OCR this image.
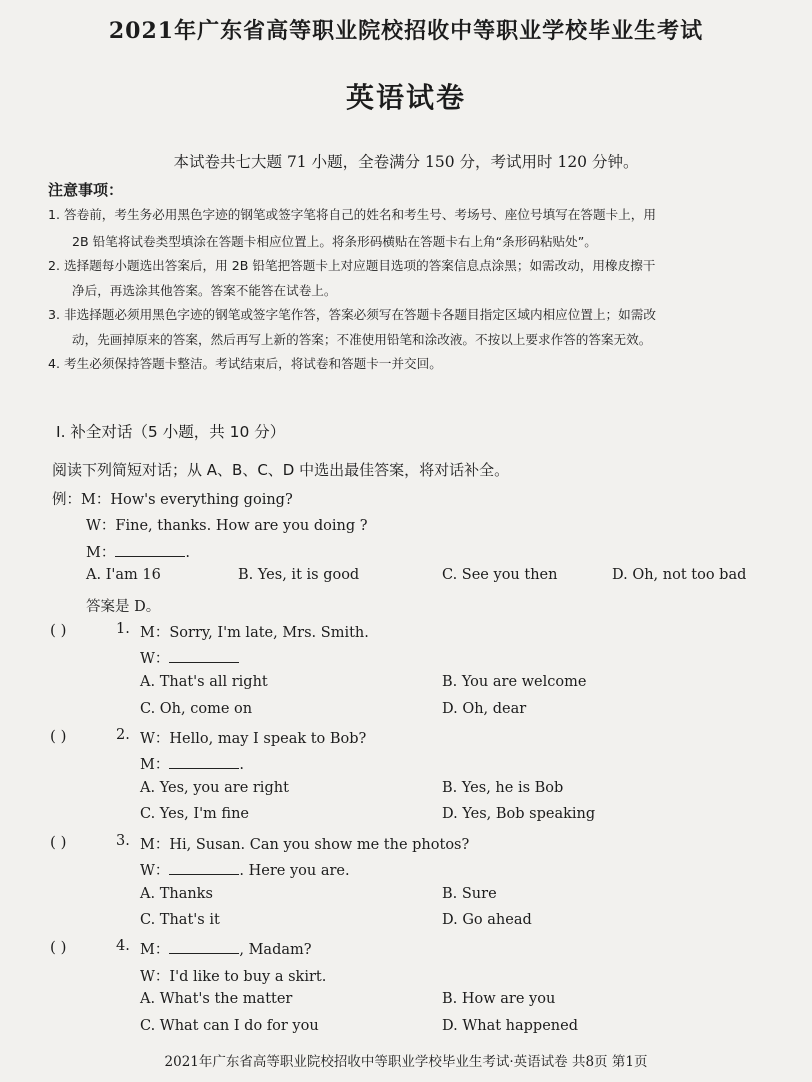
2021年广东省高等职业院校招收中等职业学校毕业生考试
英语试卷
本试卷共七大题 71 小题，全卷满分 150 分，考试用时 120 分钟。
注意事项：
1. 答卷前，考生务必用黑色字迹的钢笔或签字笔将自己的姓名和考生号、考场号、座位号填写在答题卡上，用
2B 铅笔将试卷类型填涂在答题卡相应位置上。将条形码横贴在答题卡右上角“条形码粘贴处”。
2. 选择题每小题选出答案后，用 2B 铅笔把答题卡上对应题目选项的答案信息点涂黑；如需改动，用橡皮擦干
净后，再选涂其他答案。答案不能答在试卷上。
3. 非选择题必须用黑色字迹的钢笔或签字笔作答，答案必须写在答题卡各题目指定区域内相应位置上；如需改
动，先画掉原来的答案，然后再写上新的答案；不准使用铅笔和涂改液。不按以上要求作答的答案无效。
4. 考生必须保持答题卡整洁。考试结束后，将试卷和答题卡一并交回。
I. 补全对话（5 小题，共 10 分）
阅读下列简短对话；从 A、B、C、D 中选出最佳答案，将对话补全。
例：M：How's everything going?
W：Fine, thanks. How are you doing ?
M：	.
A. I'am 16	B. Yes, it is good	C. See you then	D. Oh, not too bad
答案是 D。
( )	1. M：Sorry, I'm late, Mrs. Smith.
W：
A. That's all right	B. You are welcome
C. Oh, come on	D. Oh, dear
( )	2. W：Hello, may I speak to Bob?
M：	.
A. Yes, you are right	B. Yes, he is Bob
C. Yes, I'm fine	D. Yes, Bob speaking
( )	3. M：Hi, Susan. Can you show me the photos?
W：	. Here you are.
A. Thanks	B. Sure
C. That's it	D. Go ahead
( )	4. M：	, Madam?
W：I'd like to buy a skirt.
A. What's the matter	B. How are you
C. What can I do for you	D. What happened
2021年广东省高等职业院校招收中等职业学校毕业生考试·英语试卷 共8页 第1页
